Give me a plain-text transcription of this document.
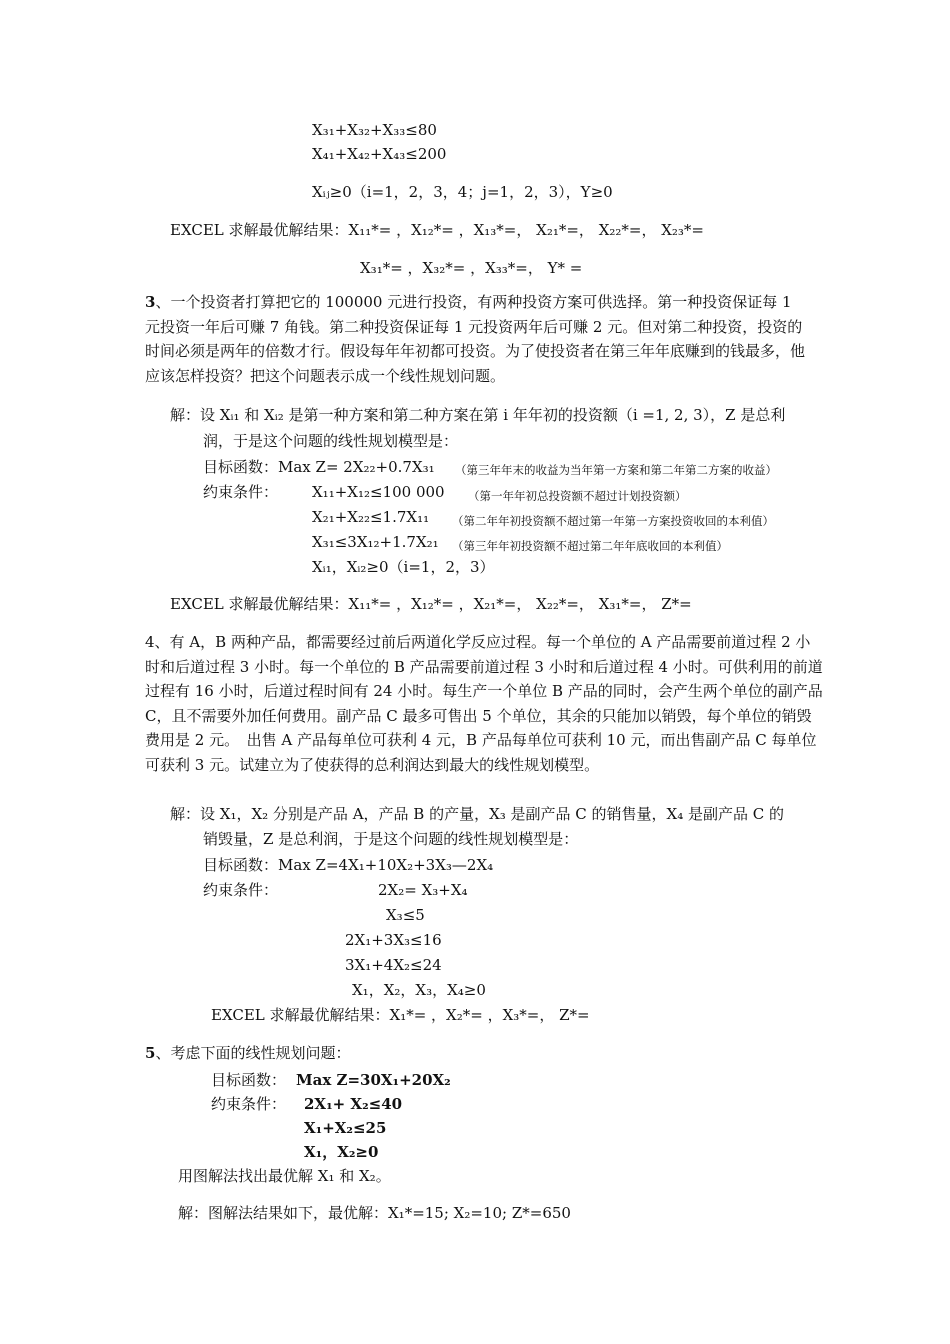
X₃₁+X₃₂+X₃₃≤80
X₄₁+X₄₂+X₄₃≤200
Xᵢⱼ≥0（i=1，2，3，4；j=1，2，3），Y≥0
EXCEL 求解最优解结果：X₁₁*= ，X₁₂*= ，X₁₃*=， X₂₁*=， X₂₂*=， X₂₃*=
X₃₁*= ，X₃₂*= ，X₃₃*=， Y* =
3、一个投资者打算把它的 100000 元进行投资，有两种投资方案可供选择。第一种投资保证每 1 元投资一年后可赚 7 角钱。第二种投资保证每 1 元投资两年后可赚 2 元。但对第二种投资，投资的时间必须是两年的倍数才行。假设每年年初都可投资。为了使投资者在第三年年底赚到的钱最多，他应该怎样投资？把这个问题表示成一个线性规划问题。
解：设 Xᵢ₁ 和 Xᵢ₂ 是第一种方案和第二种方案在第 i 年年初的投资额（i =1, 2, 3），Z 是总利
润，于是这个问题的线性规划模型是：
目标函数：Max Z= 2X₂₂+0.7X₃₁ （第三年年末的收益为当年第一方案和第二年第二方案的收益）
约束条件： X₁₁+X₁₂≤100 000 （第一年年初总投资额不超过计划投资额）
X₂₁+X₂₂≤1.7X₁₁ （第二年年初投资额不超过第一年第一方案投资收回的本利值）
X₃₁≤3X₁₂+1.7X₂₁ （第三年年初投资额不超过第二年年底收回的本利值）
Xᵢ₁，Xᵢ₂≥0（i=1，2，3）
EXCEL 求解最优解结果：X₁₁*= ，X₁₂*= ，X₂₁*=， X₂₂*=， X₃₁*=， Z*=
4、有 A，B 两种产品，都需要经过前后两道化学反应过程。每一个单位的 A 产品需要前道过程 2 小时和后道过程 3 小时。每一个单位的 B 产品需要前道过程 3 小时和后道过程 4 小时。可供利用的前道过程有 16 小时，后道过程时间有 24 小时。每生产一个单位 B 产品的同时，会产生两个单位的副产品 C，且不需要外加任何费用。副产品 C 最多可售出 5 个单位，其余的只能加以销毁，每个单位的销毁费用是 2 元。　出售 A 产品每单位可获利 4 元，B 产品每单位可获利 10 元，而出售副产品 C 每单位可获利 3 元。试建立为了使获得的总利润达到最大的线性规划模型。
解：设 X₁，X₂ 分别是产品 A，产品 B 的产量，X₃ 是副产品 C 的销售量，X₄ 是副产品 C 的
销毁量，Z 是总利润，于是这个问题的线性规划模型是：
目标函数：Max Z=4X₁+10X₂+3X₃—2X₄
约束条件：	2X₂= X₃+X₄
X₃≤5
2X₁+3X₃≤16
3X₁+4X₂≤24
X₁，X₂，X₃，X₄≥0
EXCEL 求解最优解结果：X₁*= ，X₂*= ，X₃*=， Z*=
5、考虑下面的线性规划问题：
目标函数： Max Z=30X₁+20X₂
约束条件： 2X₁+ X₂≤40
X₁+X₂≤25
X₁，X₂≥0
用图解法找出最优解 X₁ 和 X₂。
解：图解法结果如下，最优解：X₁*=15; X₂=10; Z*=650
